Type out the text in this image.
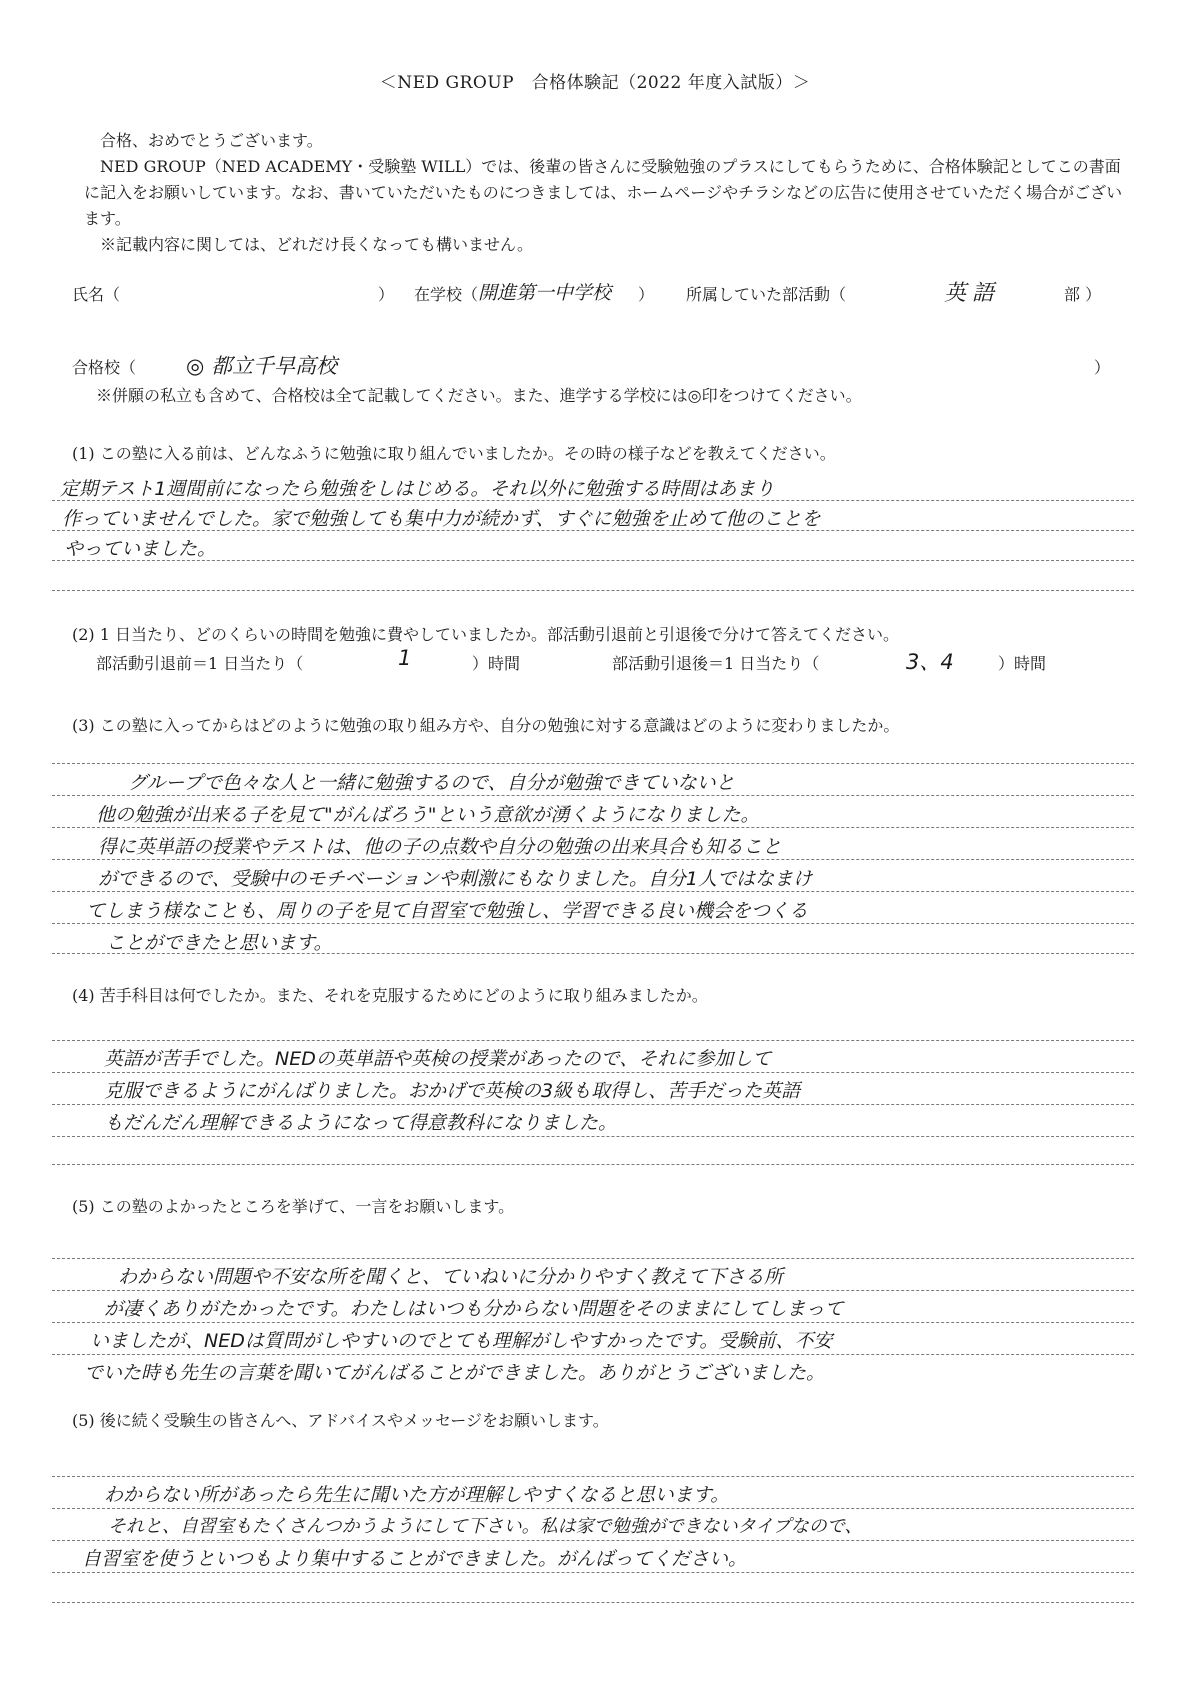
＜NED GROUP　合格体験記（2022 年度入試版）＞

合格、おめでとうございます。

NED GROUP（NED ACADEMY・受験塾 WILL）では、後輩の皆さんに受験勉強のプラスにしてもらうために、合格体験記としてこの書面に記入をお願いしています。なお、書いていただいたものにつきましては、ホームページやチラシなどの広告に使用させていただく場合がございます。

※記載内容に関しては、どれだけ長くなっても構いません。

氏名（	） 在学校（ 開進第一中学校 ） 所属していた部活動（	英語	部 ）
合格校（ ◎ 都立千早高校	）
※併願の私立も含めて、合格校は全て記載してください。また、進学する学校には◎印をつけてください。
(1) この塾に入る前は、どんなふうに勉強に取り組んでいましたか。その時の様子などを教えてください。
定期テスト1週間前になったら勉強をしはじめる。それ以外に勉強する時間はあまり
作っていませんでした。家で勉強しても集中力が続かず、すぐに勉強を止めて他のことを
やっていました。
(2) 1 日当たり、どのくらいの時間を勉強に費やしていましたか。部活動引退前と引退後で分けて答えてください。
部活動引退前＝1 日当たり（	1	）時間	部活動引退後＝1 日当たり（	3、4	）時間
(3) この塾に入ってからはどのように勉強の取り組み方や、自分の勉強に対する意識はどのように変わりましたか。
グループで色々な人と一緒に勉強するので、自分が勉強できていないと
他の勉強が出来る子を見て"がんばろう"という意欲が湧くようになりました。
得に英単語の授業やテストは、他の子の点数や自分の勉強の出来具合も知ること
ができるので、受験中のモチベーションや刺激にもなりました。自分1人ではなまけ
てしまう様なことも、周りの子を見て自習室で勉強し、学習できる良い機会をつくる
ことができたと思います。
(4) 苦手科目は何でしたか。また、それを克服するためにどのように取り組みましたか。
英語が苦手でした。NEDの英単語や英検の授業があったので、それに参加して
克服できるようにがんばりました。おかげで英検の3級も取得し、苦手だった英語
もだんだん理解できるようになって得意教科になりました。
(5) この塾のよかったところを挙げて、一言をお願いします。
わからない問題や不安な所を聞くと、ていねいに分かりやすく教えて下さる所
が凄くありがたかったです。わたしはいつも分からない問題をそのままにしてしまって
いましたが、NEDは質問がしやすいのでとても理解がしやすかったです。受験前、不安
でいた時も先生の言葉を聞いてがんばることができました。ありがとうございました。
(5) 後に続く受験生の皆さんへ、アドバイスやメッセージをお願いします。
わからない所があったら先生に聞いた方が理解しやすくなると思います。
それと、自習室もたくさんつかうようにして下さい。私は家で勉強ができないタイプなので、
自習室を使うといつもより集中することができました。がんばってください。
